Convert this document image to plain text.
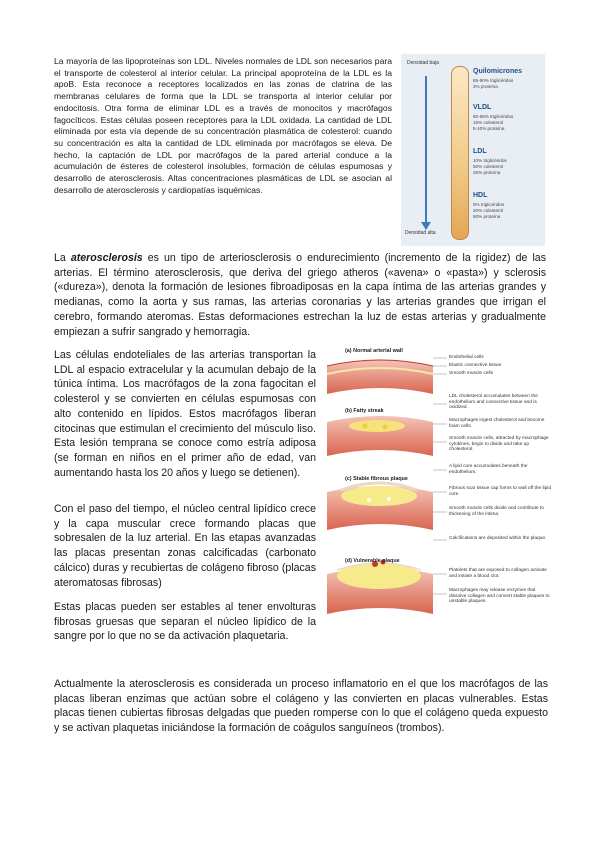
Densidad baja
Densidad alta
Quilomicrones
85-90% triglicéridos
2% proteína
VLDL
60-65% triglicéridos
15% colesterol
5-10% proteína
LDL
10% triglicéridos
50% colesterol
25% proteína
HDL
5% triglicéridos
20% colesterol
50% proteína
La mayoría de las lipoproteínas son LDL. Niveles normales de LDL son necesarios para el transporte de colesterol al interior celular. La principal apoproteína de la LDL es la apoB. Esta reconoce a receptores localizados en las zonas de clatrina de las membranas celulares de forma que la LDL se transporta al interior celular por endocitosis. Otra forma de eliminar LDL es a través de monocitos y macrófagos fagocíticos. Estas células poseen receptores para la LDL oxidada. La cantidad de LDL eliminada por esta vía depende de su concentración plasmática de colesterol: cuando su concentración es alta la cantidad de LDL eliminada por macrófagos se eleva. De hecho, la captación de LDL por macrófagos de la pared arterial conduce a la acumulación de ésteres de colesterol insolubles, formación de células espumosas y desarrollo de aterosclerosis. Altas concentraciones plasmáticas de LDL se asocian al desarrollo de aterosclerosis y cardiopatías isquémicas.
La aterosclerosis es un tipo de arteriosclerosis o endurecimiento (incremento de la rigidez) de las arterias. El término aterosclerosis, que deriva del griego atheros («avena» o «pasta») y sclerosis («dureza»), denota la formación de lesiones fibroadiposas en la capa íntima de las arterias grandes y medianas, como la aorta y sus ramas, las arterias coronarias y las arterias grandes que irrigan el cerebro, formando ateromas. Estas deformaciones estrechan la luz de estas arterias y gradualmente empiezan a sufrir sangrado y hemorragia.
(a) Normal arterial wall
Endothelial cells
Elastic connective tissue
Smooth muscle cells
(b) Fatty streak
LDL cholesterol accumulates between the endothelium and connective tissue and is oxidized.
Macrophages ingest cholesterol and become foam cells.
Smooth muscle cells, attracted by macrophage cytokines, begin to divide and take up cholesterol.
(c) Stable fibrous plaque
A lipid core accumulates beneath the endothelium.
Fibrous scar tissue cap forms to wall off the lipid core.
Smooth muscle cells divide and contribute to thickening of the intima.
Calcifications are deposited within the plaque.
(d) Vulnerable plaque
Platelets that are exposed to collagen activate and initiate a blood clot.
Macrophages may release enzymes that dissolve collagen and convert stable plaques to unstable plaques.
Las células endoteliales de las arterias transportan la LDL al espacio extracelular y la acumulan debajo de la túnica íntima. Los macrófagos de la zona fagocitan el colesterol y se convierten en células espumosas con alto contenido en lípidos. Estos macrófagos liberan citocinas que estimulan el crecimiento del músculo liso. Esta lesión temprana se conoce como estría adiposa (se forman en niños en el primer año de edad, van aumentando hasta los 20 años y luego se detienen).
Con el paso del tiempo, el núcleo central lipídico crece y la capa muscular crece formando placas que sobresalen de la luz arterial. En las etapas avanzadas las placas presentan zonas calcificadas (carbonato cálcico) duras y recubiertas de colágeno fibroso (placas ateromatosas fibrosas)
Estas placas pueden ser estables al tener envolturas fibrosas gruesas que separan el núcleo lipídico de la sangre por lo que no se da activación plaquetaria.
Actualmente la aterosclerosis es considerada un proceso inflamatorio en el que los macrófagos de las placas liberan enzimas que actúan sobre el colágeno y las convierten en placas vulnerables. Estas placas tienen cubiertas fibrosas delgadas que pueden romperse con lo que el colágeno queda expuesto y se activan plaquetas iniciándose la formación de coágulos sanguíneos (trombos).
